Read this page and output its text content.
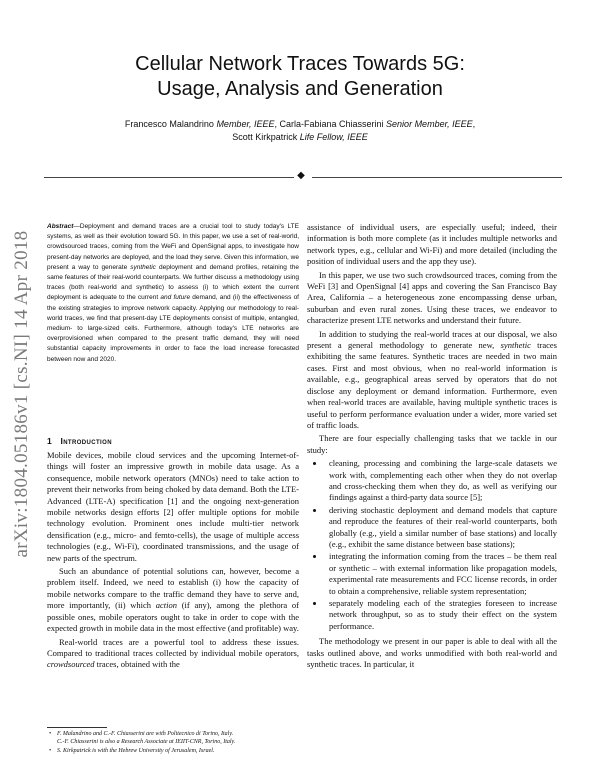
Cellular Network Traces Towards 5G:
Usage, Analysis and Generation
Francesco Malandrino Member, IEEE, Carla-Fabiana Chiasserini Senior Member, IEEE,
Scott Kirkpatrick Life Fellow, IEEE
◆
arXiv:1804.05186v1 [cs.NI] 14 Apr 2018

Abstract—Deployment and demand traces are a crucial tool to study today's LTE systems, as well as their evolution toward 5G. In this paper, we use a set of real-world, crowdsourced traces, coming from the WeFi and OpenSignal apps, to investigate how present-day networks are deployed, and the load they serve. Given this information, we present a way to generate synthetic deployment and demand profiles, retaining the same features of their real-world counterparts. We further discuss a methodology using traces (both real-world and synthetic) to assess (i) to which extent the current deployment is adequate to the current and future demand, and (ii) the effectiveness of the existing strategies to improve network capacity. Applying our methodology to real-world traces, we find that present-day LTE deployments consist of multiple, entangled, medium- to large-sized cells. Furthermore, although today's LTE networks are overprovisioned when compared to the present traffic demand, they will need substantial capacity improvements in order to face the load increase forecasted between now and 2020.

1 Introduction

Mobile devices, mobile cloud services and the upcoming Internet-of-things will foster an impressive growth in mobile data usage. As a consequence, mobile network operators (MNOs) need to take action to prevent their networks from being choked by data demand. Both the LTE-Advanced (LTE-A) specification [1] and the ongoing next-generation mobile networks design efforts [2] offer multiple options for mobile technology evolution. Prominent ones include multi-tier network densification (e.g., micro- and femto-cells), the usage of multiple access technologies (e.g., Wi-Fi), coordinated transmissions, and the usage of new parts of the spectrum.

Such an abundance of potential solutions can, however, become a problem itself. Indeed, we need to establish (i) how the capacity of mobile networks compare to the traffic demand they have to serve and, more importantly, (ii) which action (if any), among the plethora of possible ones, mobile operators ought to take in order to cope with the expected growth in mobile data in the most effective (and profitable) way.

Real-world traces are a powerful tool to address these issues. Compared to traditional traces collected by individual mobile operators, crowdsourced traces, obtained with the

• F. Malandrino and C.-F. Chiasserini are with Politecnico di Torino, Italy.
C.-F. Chiasserini is also a Research Associate at IEIIT-CNR, Torino, Italy.
• S. Kirkpatrick is with the Hebrew University of Jerusalem, Israel.

assistance of individual users, are especially useful; indeed, their information is both more complete (as it includes multiple networks and network types, e.g., cellular and Wi-Fi) and more detailed (including the position of individual users and the app they use).

In this paper, we use two such crowdsourced traces, coming from the WeFi [3] and OpenSignal [4] apps and covering the San Francisco Bay Area, California – a heterogeneous zone encompassing dense urban, suburban and even rural zones. Using these traces, we endeavor to characterize present LTE networks and understand their future.

In addition to studying the real-world traces at our disposal, we also present a general methodology to generate new, synthetic traces exhibiting the same features. Synthetic traces are needed in two main cases. First and most obvious, when no real-world information is available, e.g., geographical areas served by operators that do not disclose any deployment or demand information. Furthermore, even when real-world traces are available, having multiple synthetic traces is useful to perform performance evaluation under a wider, more varied set of traffic loads.

There are four especially challenging tasks that we tackle in our study:

• cleaning, processing and combining the large-scale datasets we work with, complementing each other when they do not overlap and cross-checking them when they do, as well as verifying our findings against a third-party data source [5];
• deriving stochastic deployment and demand models that capture and reproduce the features of their real-world counterparts, both globally (e.g., yield a similar number of base stations) and locally (e.g., exhibit the same distance between base stations);
• integrating the information coming from the traces – be them real or synthetic – with external information like propagation models, experimental rate measurements and FCC license records, in order to obtain a comprehensive, reliable system representation;
• separately modeling each of the strategies foreseen to increase network throughput, so as to study their effect on the system performance.

The methodology we present in our paper is able to deal with all the tasks outlined above, and works unmodified with both real-world and synthetic traces. In particular, it
